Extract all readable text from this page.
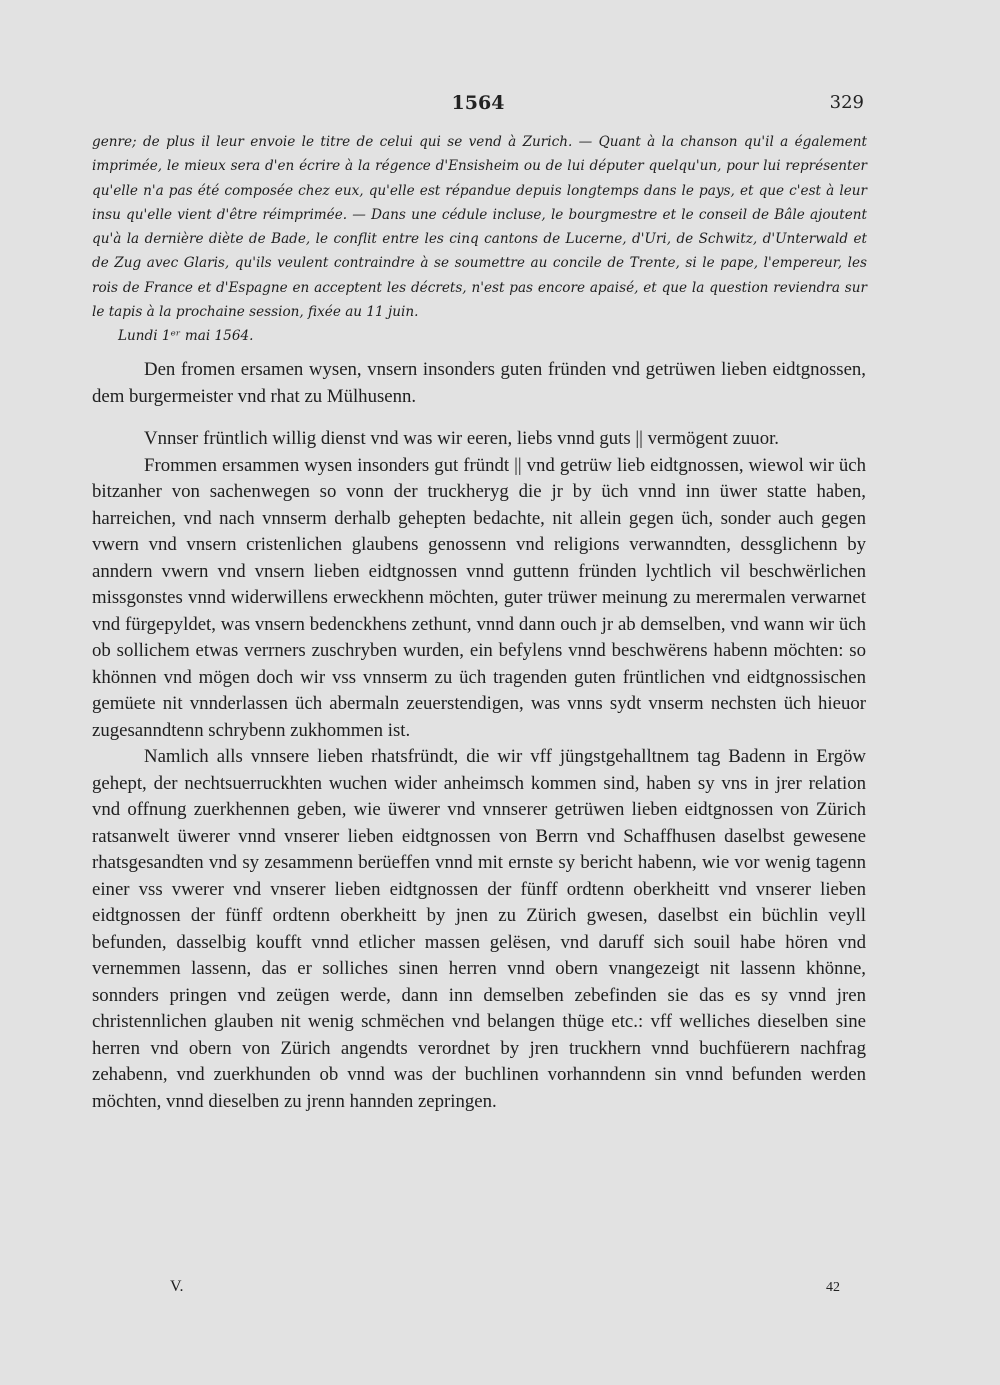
1564	329

genre; de plus il leur envoie le titre de celui qui se vend à Zurich. — Quant à la chanson qu'il a également imprimée, le mieux sera d'en écrire à la régence d'Ensisheim ou de lui députer quelqu'un, pour lui représenter qu'elle n'a pas été composée chez eux, qu'elle est répandue depuis longtemps dans le pays, et que c'est à leur insu qu'elle vient d'être réimprimée. — Dans une cédule incluse, le bourgmestre et le conseil de Bâle ajoutent qu'à la dernière diète de Bade, le conflit entre les cinq cantons de Lucerne, d'Uri, de Schwitz, d'Unterwald et de Zug avec Glaris, qu'ils veulent contraindre à se soumettre au concile de Trente, si le pape, l'empereur, les rois de France et d'Espagne en acceptent les décrets, n'est pas encore apaisé, et que la question reviendra sur le tapis à la prochaine session, fixée au 11 juin.

Lundi 1ᵉʳ mai 1564.

Den fromen ersamen wysen, vnsern insonders guten fründen vnd getrüwen lieben eidtgnossen, dem burgermeister vnd rhat zu Mülhusenn.

Vnnser früntlich willig dienst vnd was wir eeren, liebs vnnd guts || vermögent zuuor.

Frommen ersammen wysen insonders gut fründt || vnd getrüw lieb eidtgnossen, wiewol wir üch bitzanher von sachenwegen so vonn der truckheryg die jr by üch vnnd inn üwer statte haben, harreichen, vnd nach vnnserm derhalb gehepten bedachte, nit allein gegen üch, sonder auch gegen vwern vnd vnsern cristenlichen glaubens genossenn vnd religions verwanndten, dessglichenn by anndern vwern vnd vnsern lieben eidtgnossen vnnd guttenn fründen lychtlich vil beschwërlichen missgonstes vnnd widerwillens erweckhenn möchten, guter trüwer meinung zu merermalen verwarnet vnd fürgepyldet, was vnsern bedenckhens zethunt, vnnd dann ouch jr ab demselben, vnd wann wir üch ob sollichem etwas verrners zuschryben wurden, ein befylens vnnd beschwërens habenn möchten: so khönnen vnd mögen doch wir vss vnnserm zu üch tragenden guten früntlichen vnd eidtgnossischen gemüete nit vnnderlassen üch abermaln zeuerstendigen, was vnns sydt vnserm nechsten üch hieuor zugesanndtenn schrybenn zukhommen ist.

Namlich alls vnnsere lieben rhatsfründt, die wir vff jüngstgehalltnem tag Badenn in Ergöw gehept, der nechtsuerruckhten wuchen wider anheimsch kommen sind, haben sy vns in jrer relation vnd offnung zuerkhennen geben, wie üwerer vnd vnnserer getrüwen lieben eidtgnossen von Zürich ratsanwelt üwerer vnnd vnserer lieben eidtgnossen von Berrn vnd Schaffhusen daselbst gewesene rhatsgesandten vnd sy zesammenn berüeffen vnnd mit ernste sy bericht habenn, wie vor wenig tagenn einer vss vwerer vnd vnserer lieben eidtgnossen der fünff ordtenn oberkheitt vnd vnserer lieben eidtgnossen der fünff ordtenn oberkheitt by jnen zu Zürich gwesen, daselbst ein büchlin veyll befunden, dasselbig koufft vnnd etlicher massen gelësen, vnd daruff sich souil habe hören vnd vernemmen lassenn, das er solliches sinen herren vnnd obern vnangezeigt nit lassenn khönne, sonnders pringen vnd zeügen werde, dann inn demselben zebefinden sie das es sy vnnd jren christennlichen glauben nit wenig schmëchen vnd belangen thüge etc.: vff welliches dieselben sine herren vnd obern von Zürich angendts verordnet by jren truckhern vnnd buchfüerern nachfrag zehabenn, vnd zuerkhunden ob vnnd was der buchlinen vorhanndenn sin vnnd befunden werden möchten, vnnd dieselben zu jrenn hannden zepringen.

V.	42
